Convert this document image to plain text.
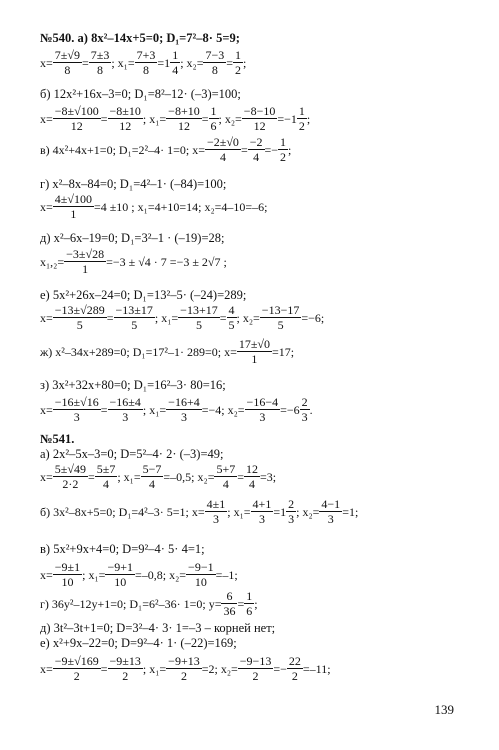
№540. а) 8x²–14x+5=0; D₁=7²–8· 5=9;
$x= \frac{7\pm√9}{8} = \frac{7\pm 3}{8}$ ; $x_1= \frac{7+3}{8} =1 \frac{1}{4}$ ; $x_2= \frac{7-3}{8} = \frac{1}{2}$ ;
б) 12x²+16x–3=0; D₁=8²–12· (–3)=100;
$x= \frac{-8\pm√100}{12} = \frac{-8\pm 10}{12}$ ; $x_1= \frac{-8+10}{12} = \frac{1}{6}$ ; $x_2= \frac{-8-10}{12} =-1 \frac{1}{2}$ ;
в) 4x²+4x+1=0; D₁=2²–4· 1=0; $x= \frac{-2\pm√0}{4} = \frac{-2}{4} =- \frac{1}{2}$ ;
г) x²–8x–84=0; D₁=4²–1· (–84)=100;
$x= \frac{4\pm√100}{1} =4 \pm 10$ ; x₁=4+10=14; x₂=4–10=–6;
д) x²–6x–19=0; D₁=3²–1 · (–19)=28;
$x_1,_2= \frac{-3\pm√28}{1} =-3 \pm √4 \cdot 7 =-3 \pm 2√7$ ;
е) 5x²+26x–24=0; D₁=13²–5· (–24)=289;
$x= \frac{-13\pm√289}{5} = \frac{-13\pm 17}{5}$ ; $x_1= \frac{-13+17}{5} = \frac{4}{5}$ ; $x_2= \frac{-13-17}{5} =-6$;
ж) x²–34x+289=0; D₁=17²–1· 289=0; $x= \frac{17\pm√0}{1} =17$;
з) 3x²+32x+80=0; D₁=16²–3· 80=16;
$x= \frac{-16\pm√16}{3} = \frac{-16\pm 4}{3}$ ; $x_1= \frac{-16+4}{3} =-4$; $x_2= \frac{-16-4}{3} =-6 \frac{2}{3}$ .
№541.
а) 2x²–5x–3=0; D=5²–4· 2· (–3)=49;
$x= \frac{5\pm√49}{2\cdot 2} = \frac{5\pm 7}{4}$ ; $x_1= \frac{5-7}{4} =-0,5$; $x_2= \frac{5+7}{4} = \frac{12}{4} =3$;
б) 3x²–8x+5=0; D₁=4²–3· 5=1; $x= \frac{4\pm 1}{3}$ ; $x_1= \frac{4+1}{3} =1 \frac{2}{3}$ ; $x_2= \frac{4-1}{3} =1$;
в) 5x²+9x+4=0; D=9²–4· 5· 4=1;
$x= \frac{-9\pm 1}{10}$ ; $x_1= \frac{-9+1}{10} =-0,8$; $x_2= \frac{-9-1}{10} =-1$;
г) 36y²–12y+1=0; D₁=6²–36· 1=0; $y= \frac{6}{36} = \frac{1}{6}$ ;
д) 3t²–3t+1=0; D=3²–4· 3· 1=–3 – корней нет;
е) x²+9x–22=0; D=9²–4· 1· (–22)=169;
$x= \frac{-9\pm√169}{2} = \frac{-9\pm 13}{2}$ ; $x_1= \frac{-9+13}{2} =2$; $x_2= \frac{-9-13}{2} =- \frac{22}{2} =-11$;
139
